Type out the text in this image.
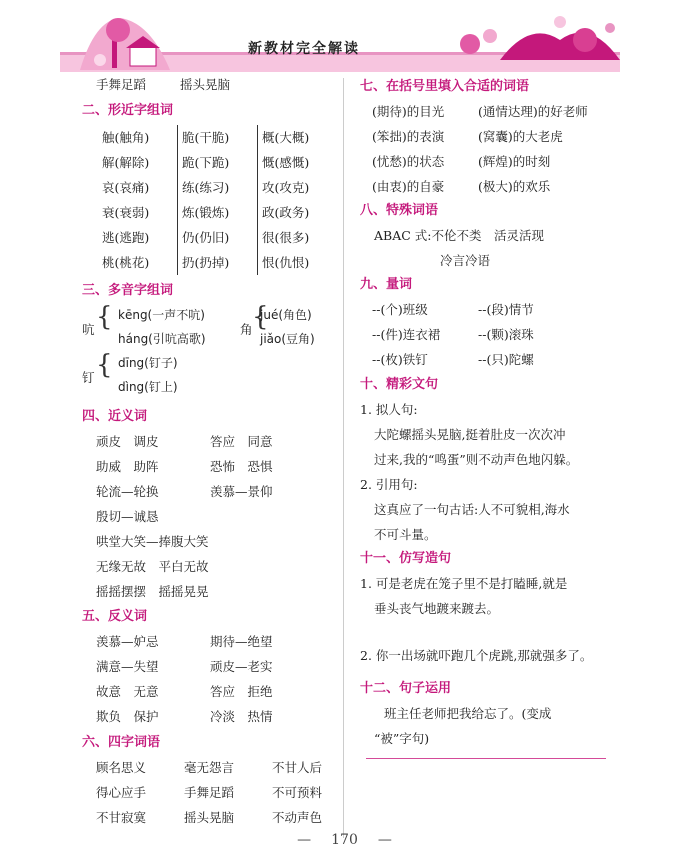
新教材完全解读
手舞足蹈	摇头晃脑
二、形近字组词
触(触角)	脆(干脆)	概(大概)
解(解除)	跪(下跪)	慨(感慨)
哀(哀痛)	练(练习)	攻(攻克)
衰(衰弱)	炼(锻炼)	政(政务)
逃(逃跑)	仍(仍旧)	很(很多)
桃(桃花)	扔(扔掉)	恨(仇恨)
三、多音字组词
吭 { kēng(一声不吭)
háng(引吭高歌)
角 {
jué(角色)
jiǎo(豆角)
钉 { dīng(钉子)
dìng(钉上)
四、近义词
顽皮　调皮	答应　同意
助威　助阵	恐怖　恐惧
轮流—轮换	羡慕—景仰
殷切—诚恳
哄堂大笑—捧腹大笑
无缘无故　平白无故
摇摇摆摆　摇摇晃晃
五、反义词
羡慕—妒忌	期待—绝望
满意—失望	顽皮—老实
故意　无意	答应　拒绝
欺负　保护	冷淡　热情
六、四字词语
顾名思义	毫无怨言	不甘人后
得心应手	手舞足蹈	不可预料
不甘寂寞	摇头晃脑	不动声色
七、在括号里填入合适的词语
(期待)的目光	(通情达理)的好老师
(笨拙)的表演	(窝囊)的大老虎
(忧愁)的状态	(辉煌)的时刻
(由衷)的自豪	(极大)的欢乐
八、特殊词语
ABAC 式:不伦不类　活灵活现
冷言冷语
九、量词
--(个)班级	--(段)情节
--(件)连衣裙	--(颗)滚珠
--(枚)铁钉	--(只)陀螺
十、精彩文句
1. 拟人句:
大陀螺摇头晃脑,挺着肚皮一次次冲
过来,我的“鸣蛋”则不动声色地闪躲。
2. 引用句:
这真应了一句古话:人不可貌相,海水
不可斗量。
十一、仿写造句
1. 可是老虎在笼子里不是打瞌睡,就是
垂头丧气地踱来踱去。
2. 你一出场就吓跑几个虎跳,那就强多了。
十二、句子运用
班主任老师把我给忘了。(变成
“被”字句)
— 170 —
